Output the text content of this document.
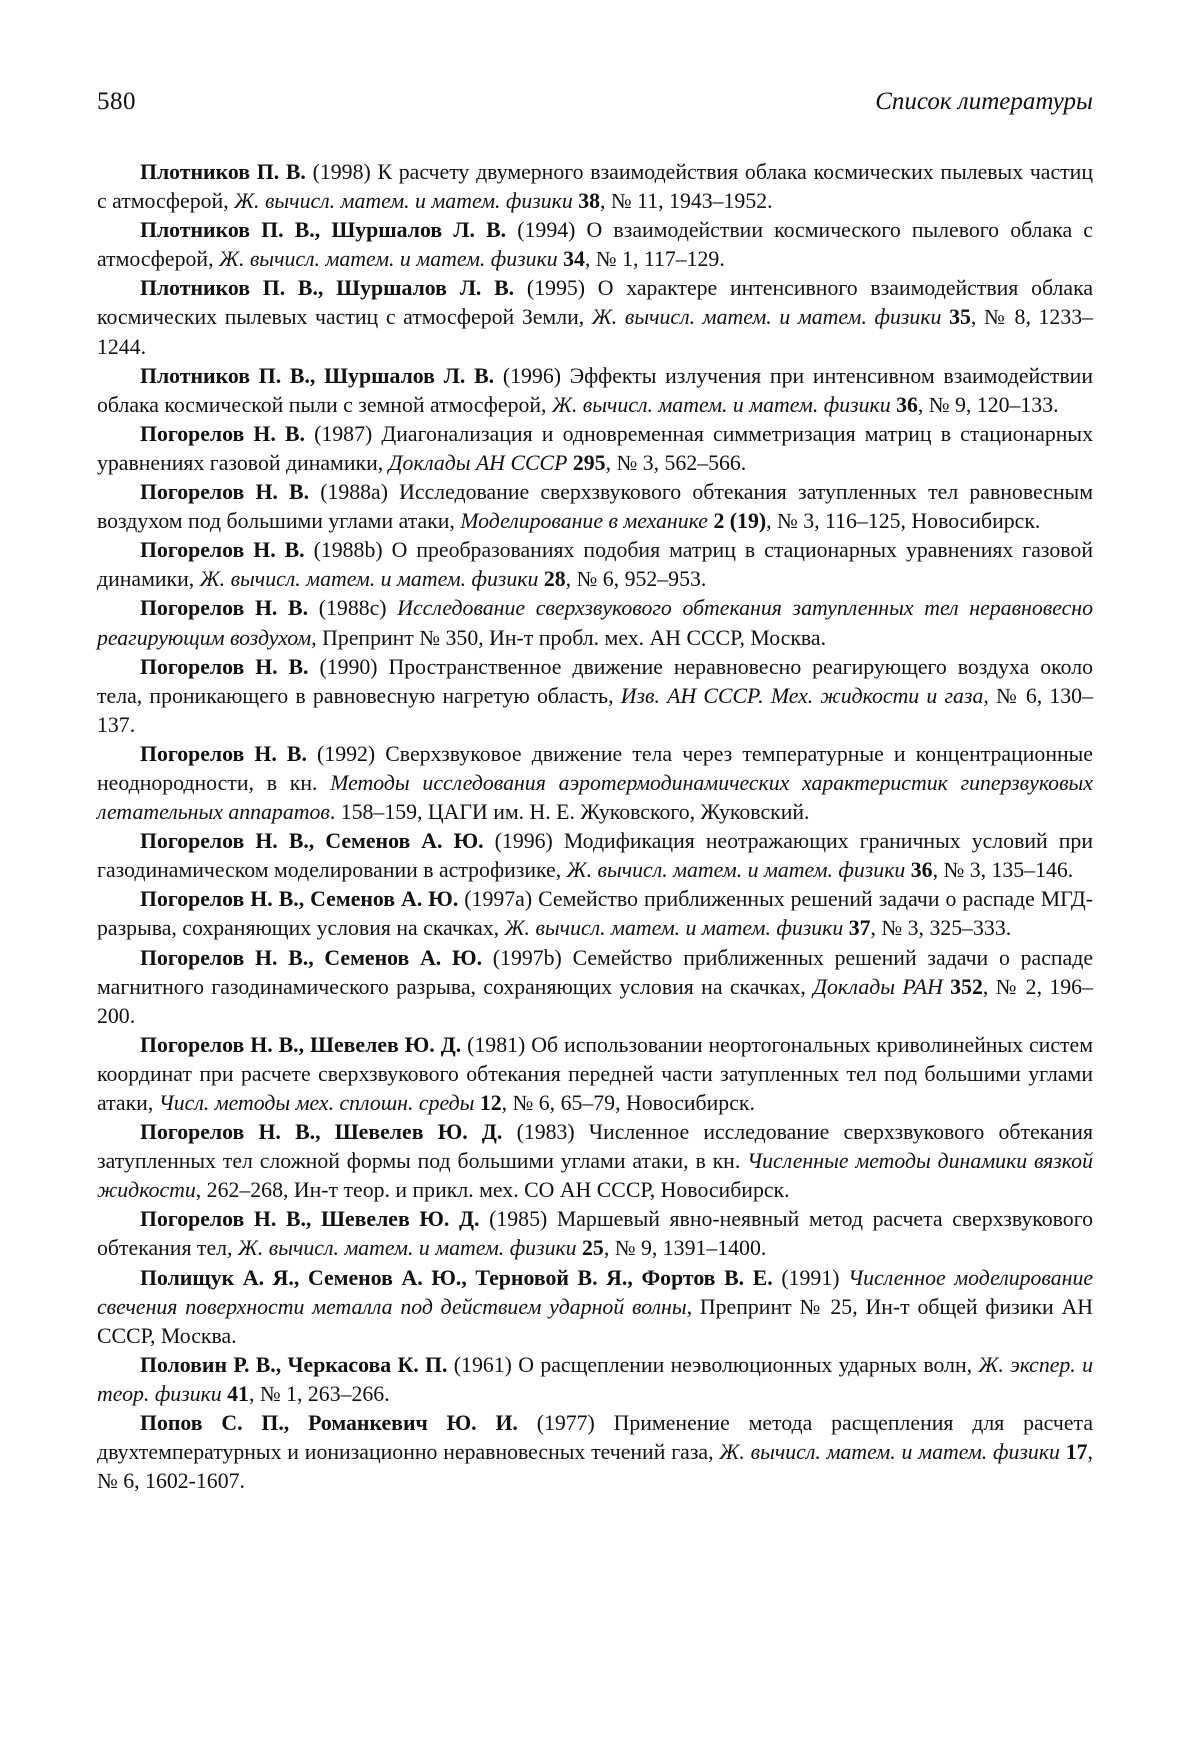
580	Список литературы

Плотников П. В. (1998) К расчету двумерного взаимодействия облака космических пылевых частиц с атмосферой, Ж. вычисл. матем. и матем. физики 38, № 11, 1943–1952.

Плотников П. В., Шуршалов Л. В. (1994) О взаимодействии космического пылевого облака с атмосферой, Ж. вычисл. матем. и матем. физики 34, № 1, 117–129.

Плотников П. В., Шуршалов Л. В. (1995) О характере интенсивного взаимодействия облака космических пылевых частиц с атмосферой Земли, Ж. вычисл. матем. и матем. физики 35, № 8, 1233–1244.

Плотников П. В., Шуршалов Л. В. (1996) Эффекты излучения при интенсивном взаимодействии облака космической пыли с земной атмосферой, Ж. вычисл. матем. и матем. физики 36, № 9, 120–133.

Погорелов Н. В. (1987) Диагонализация и одновременная симметризация матриц в стационарных уравнениях газовой динамики, Доклады АН СССР 295, № 3, 562–566.

Погорелов Н. В. (1988а) Исследование сверхзвукового обтекания затупленных тел равновесным воздухом под большими углами атаки, Моделирование в механике 2 (19), № 3, 116–125, Новосибирск.

Погорелов Н. В. (1988b) О преобразованиях подобия матриц в стационарных уравнениях газовой динамики, Ж. вычисл. матем. и матем. физики 28, № 6, 952–953.

Погорелов Н. В. (1988с) Исследование сверхзвукового обтекания затупленных тел неравновесно реагирующим воздухом, Препринт № 350, Ин-т пробл. мех. АН СССР, Москва.

Погорелов Н. В. (1990) Пространственное движение неравновесно реагирующего воздуха около тела, проникающего в равновесную нагретую область, Изв. АН СССР. Мех. жидкости и газа, № 6, 130–137.

Погорелов Н. В. (1992) Сверхзвуковое движение тела через температурные и концентрационные неоднородности, в кн. Методы исследования аэротермодинамических характеристик гиперзвуковых летательных аппаратов. 158–159, ЦАГИ им. Н. Е. Жуковского, Жуковский.

Погорелов Н. В., Семенов А. Ю. (1996) Модификация неотражающих граничных условий при газодинамическом моделировании в астрофизике, Ж. вычисл. матем. и матем. физики 36, № 3, 135–146.

Погорелов Н. В., Семенов А. Ю. (1997а) Семейство приближенных решений задачи о распаде МГД-разрыва, сохраняющих условия на скачках, Ж. вычисл. матем. и матем. физики 37, № 3, 325–333.

Погорелов Н. В., Семенов А. Ю. (1997b) Семейство приближенных решений задачи о распаде магнитного газодинамического разрыва, сохраняющих условия на скачках, Доклады РАН 352, № 2, 196–200.

Погорелов Н. В., Шевелев Ю. Д. (1981) Об использовании неортогональных криволинейных систем координат при расчете сверхзвукового обтекания передней части затупленных тел под большими углами атаки, Числ. методы мех. сплошн. среды 12, № 6, 65–79, Новосибирск.

Погорелов Н. В., Шевелев Ю. Д. (1983) Численное исследование сверхзвукового обтекания затупленных тел сложной формы под большими углами атаки, в кн. Численные методы динамики вязкой жидкости, 262–268, Ин-т теор. и прикл. мех. СО АН СССР, Новосибирск.

Погорелов Н. В., Шевелев Ю. Д. (1985) Маршевый явно-неявный метод расчета сверхзвукового обтекания тел, Ж. вычисл. матем. и матем. физики 25, № 9, 1391–1400.

Полищук А. Я., Семенов А. Ю., Терновой В. Я., Фортов В. Е. (1991) Численное моделирование свечения поверхности металла под действием ударной волны, Препринт № 25, Ин-т общей физики АН СССР, Москва.

Половин Р. В., Черкасова К. П. (1961) О расщеплении неэволюционных ударных волн, Ж. экспер. и теор. физики 41, № 1, 263–266.

Попов С. П., Романкевич Ю. И. (1977) Применение метода расщепления для расчета двухтемпературных и ионизационно неравновесных течений газа, Ж. вычисл. матем. и матем. физики 17, № 6, 1602-1607.
